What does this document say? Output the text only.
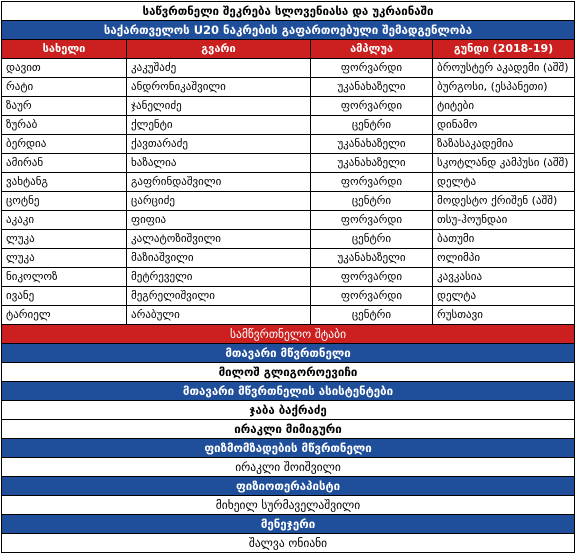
საწვრთნელი შეკრება სლოვენიასა და უკრაინაში			
საქართველოს U20 ნაკრების გაფართოებული შემადგენლობა			
სახელი	გვარი	ამპლუა	გუნდი (2018-19)
დავით	კაკუშაძე	ფორვარდი	ბროუსტერ აკადემი (აშშ)
რატი	ანდრონიკაშვილი	უკანახაზელი	ბურგოსი, (ესპანეთი)
ზაურ	ჯანელიძე	ფორვარდი	ტიტები
ზურაბ	ქლენტი	ცენტრი	დინამო
ბერდია	ქავთარაძე	უკანახაზელი	ზაზასაკადემია
ამირან	ხაზალია	უკანახაზელი	სკოტლანდ კამპუსი (აშშ)
ვახტანგ	გაფრინდაშვილი	ფორვარდი	დელტა
ცოტნე	ცარციძე	ცენტრი	მოდესტო ქრიშენ (აშშ)
აკაკი	ფიფია	ფორვარდი	თსუ-ჰოუნდაი
ლუკა	კალატოზიშვილი	ცენტრი	ბათუმი
ლუკა	მაზიაშვილი	უკანახაზელი	ოლიმპი
ნიკოლოზ	მეტრეველი	ფორვარდი	კავკასია
ივანე	მეგრელიშვილი	ფორვარდი	დელტა
ტარიელ	არაბული	ცენტრი	რუსთავი
სამწვრთნელო შტაბი			
მთავარი მწვრთნელი			
მილოშ გლიგოროევიჩი			
მთავარი მწვრთნელის ასისტენტები			
ჯაბა ბაქრაძე			
ირაკლი მიმიგური			
ფიზმომზადების მწვრთნელი			
ირაკლი შოიშვილი			
ფიზიოთერაპისტი			
მიხეილ სურმაველაშვილი			
მენეჯერი			
შალვა ონიანი			
